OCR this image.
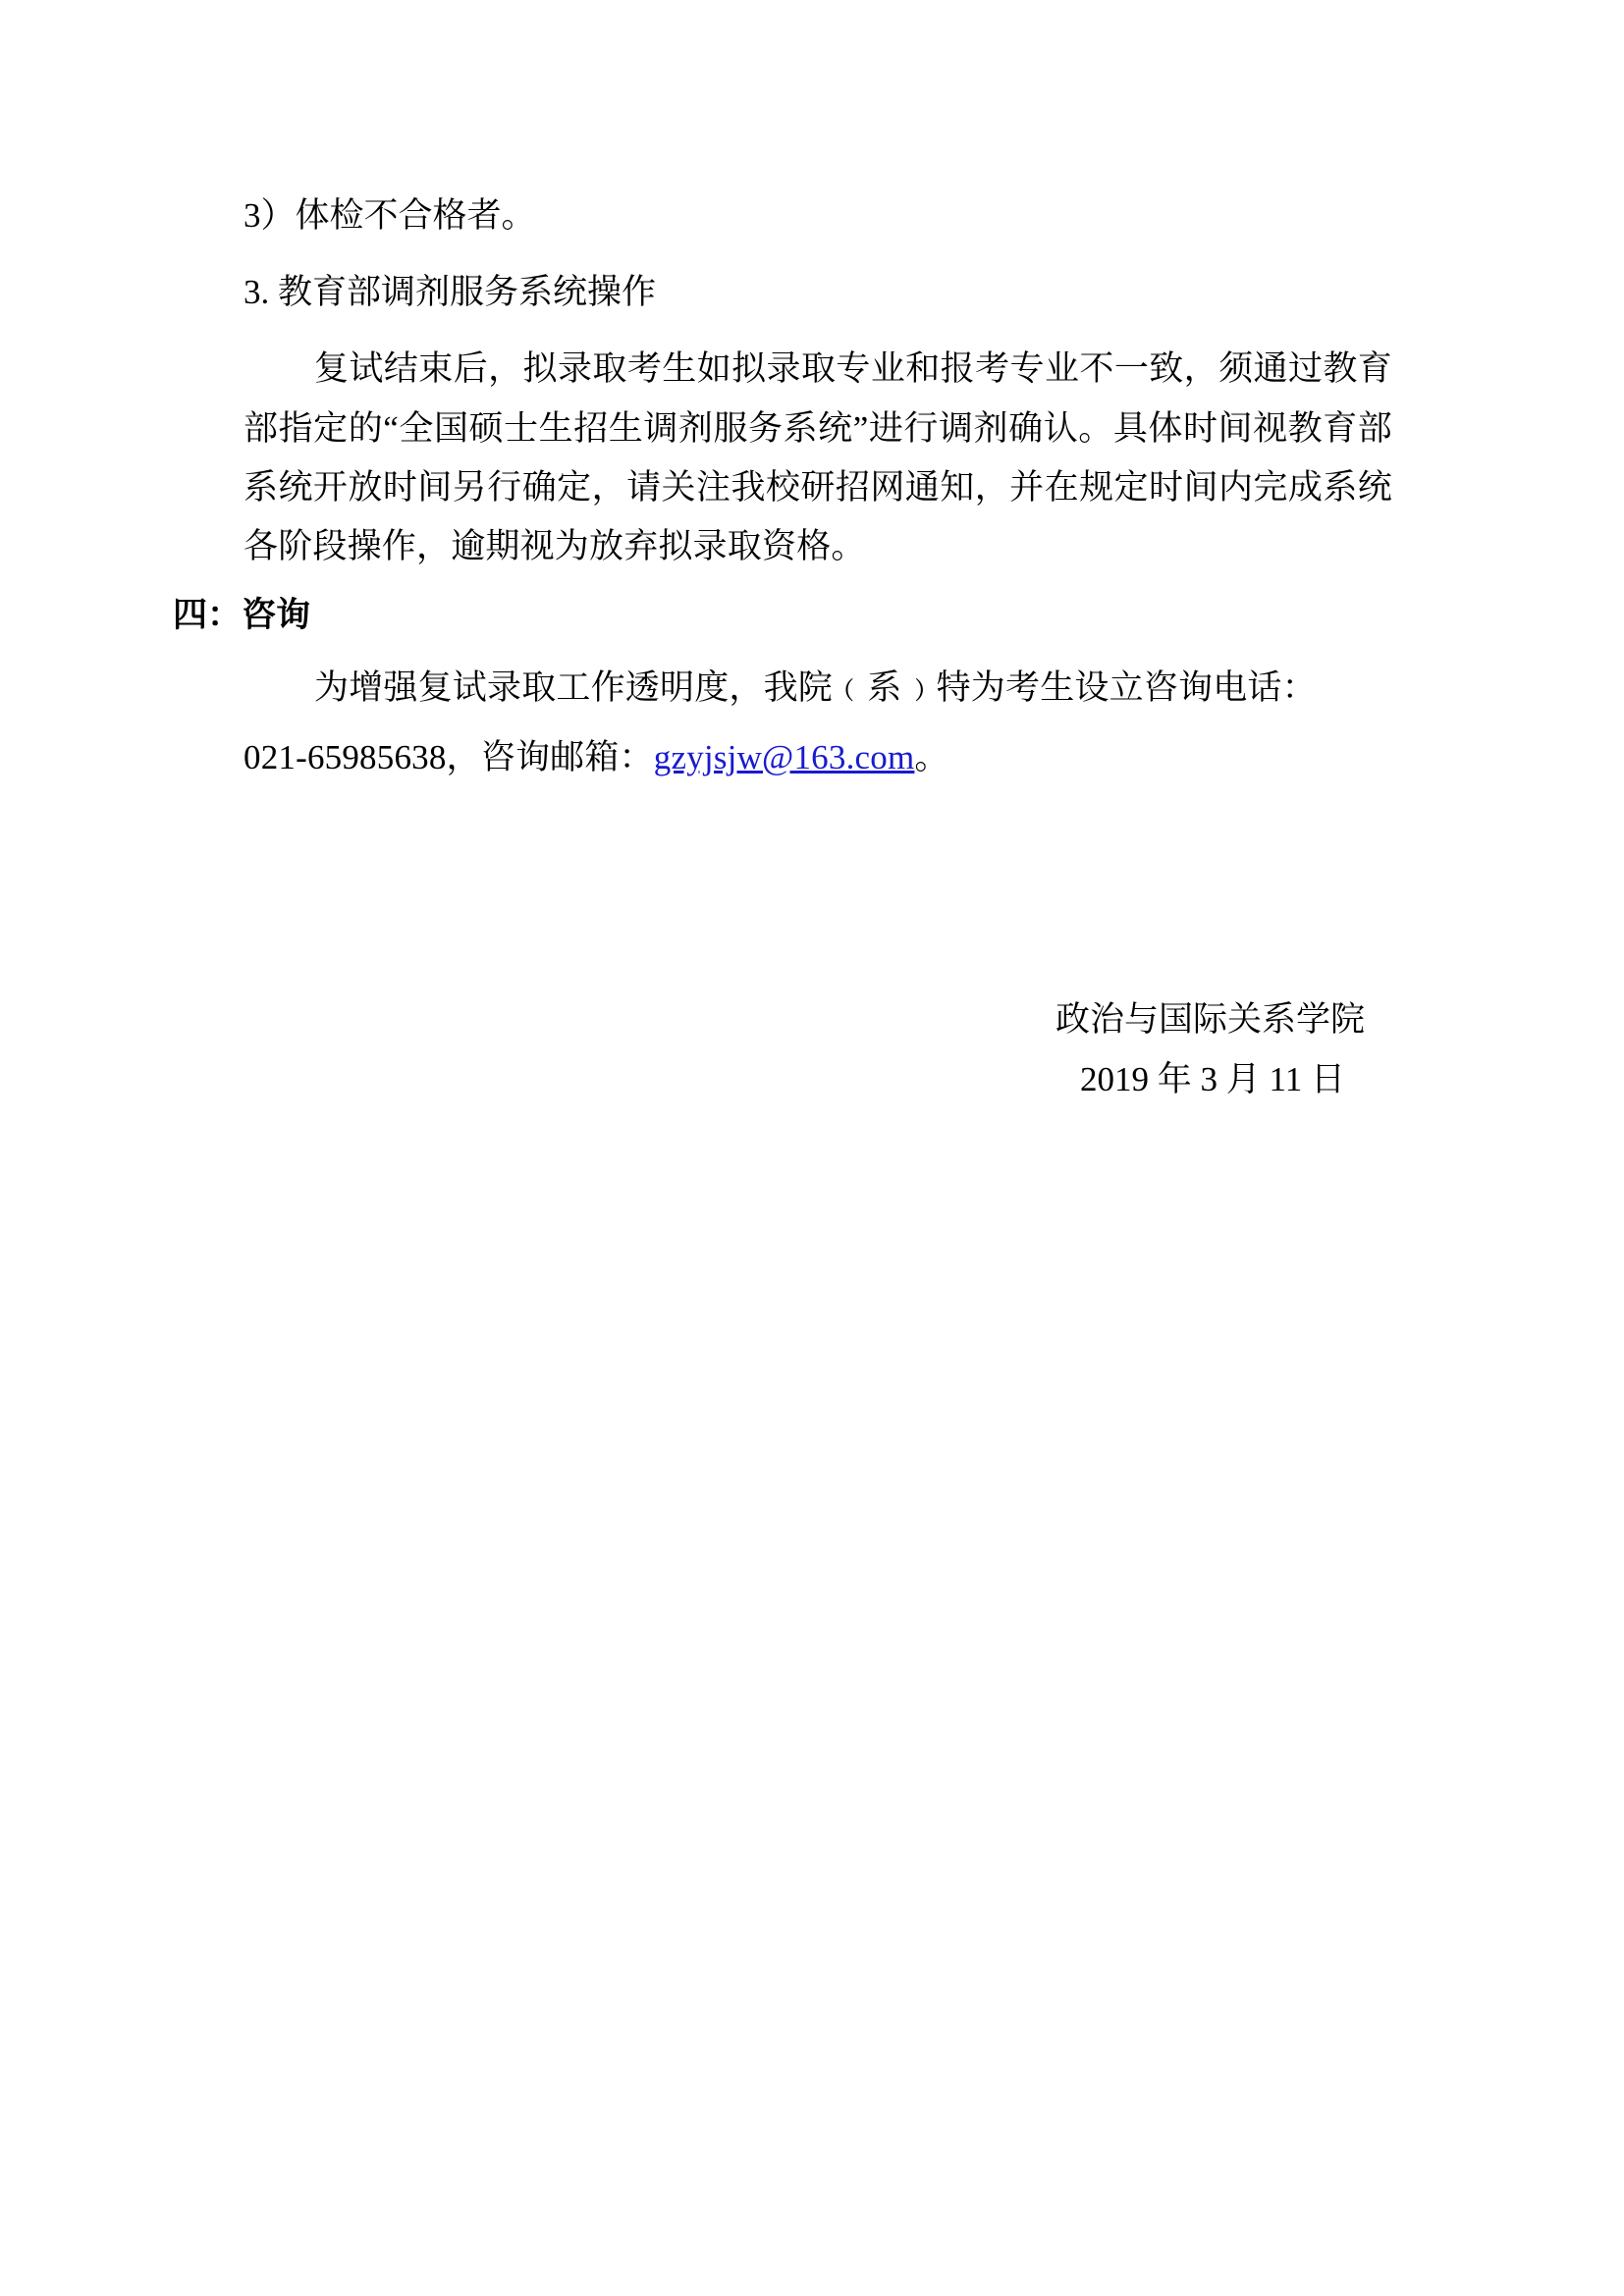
3）体检不合格者。

3. 教育部调剂服务系统操作

复试结束后，拟录取考生如拟录取专业和报考专业不一致，须通过教育部指定的“全国硕士生招生调剂服务系统”进行调剂确认。具体时间视教育部系统开放时间另行确定，请关注我校研招网通知，并在规定时间内完成系统各阶段操作，逾期视为放弃拟录取资格。

四：咨询

为增强复试录取工作透明度，我院﹙系﹚特为考生设立咨询电话：

021-65985638，咨询邮箱：gzyjsjw@163.com。

政治与国际关系学院

2019 年 3 月 11 日
